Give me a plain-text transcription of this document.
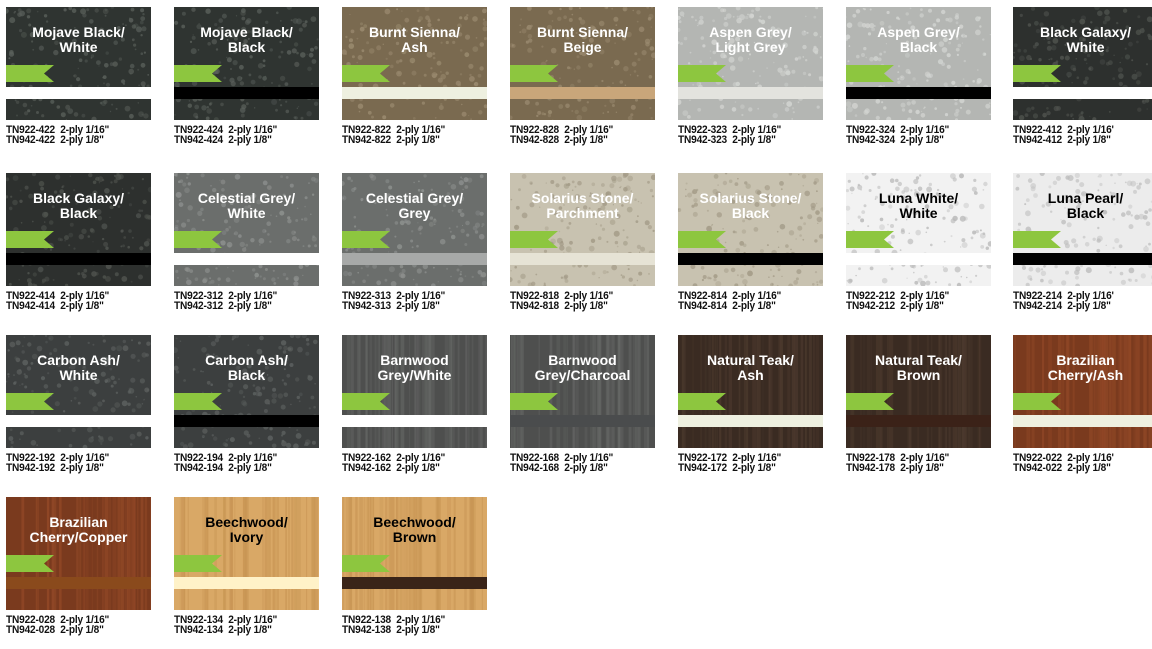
Mojave Black/
White
TN922-422  2-ply 1/16"
TN942-422  2-ply 1/8"
Mojave Black/
Black
TN922-424  2-ply 1/16"
TN942-424  2-ply 1/8"
Burnt Sienna/
Ash
TN922-822  2-ply 1/16"
TN942-822  2-ply 1/8"
Burnt Sienna/
Beige
TN922-828  2-ply 1/16"
TN942-828  2-ply 1/8"
Aspen Grey/
Light Grey
TN922-323  2-ply 1/16"
TN942-323  2-ply 1/8"
Aspen Grey/
Black
TN922-324  2-ply 1/16"
TN942-324  2-ply 1/8"
Black Galaxy/
White
TN922-412  2-ply 1/16'
TN942-412  2-ply 1/8"
Black Galaxy/
Black
TN922-414  2-ply 1/16"
TN942-414  2-ply 1/8"
Celestial Grey/
White
TN922-312  2-ply 1/16"
TN942-312  2-ply 1/8"
Celestial Grey/
Grey
TN922-313  2-ply 1/16"
TN942-313  2-ply 1/8"
Solarius Stone/
Parchment
TN922-818  2-ply 1/16"
TN942-818  2-ply 1/8"
Solarius Stone/
Black
TN922-814  2-ply 1/16"
TN942-814  2-ply 1/8"
Luna White/
White
TN922-212  2-ply 1/16"
TN942-212  2-ply 1/8"
Luna Pearl/
Black
TN922-214  2-ply 1/16'
TN942-214  2-ply 1/8"
Carbon Ash/
White
TN922-192  2-ply 1/16"
TN942-192  2-ply 1/8"
Carbon Ash/
Black
TN922-194  2-ply 1/16"
TN942-194  2-ply 1/8"
Barnwood
Grey/White
TN922-162  2-ply 1/16"
TN942-162  2-ply 1/8"
Barnwood
Grey/Charcoal
TN922-168  2-ply 1/16"
TN942-168  2-ply 1/8"
Natural Teak/
Ash
TN922-172  2-ply 1/16"
TN942-172  2-ply 1/8"
Natural Teak/
Brown
TN922-178  2-ply 1/16"
TN942-178  2-ply 1/8"
Brazilian
Cherry/Ash
TN922-022  2-ply 1/16'
TN942-022  2-ply 1/8"
Brazilian
Cherry/Copper
TN922-028  2-ply 1/16"
TN942-028  2-ply 1/8"
Beechwood/
Ivory
TN922-134  2-ply 1/16"
TN942-134  2-ply 1/8"
Beechwood/
Brown
TN922-138  2-ply 1/16"
TN942-138  2-ply 1/8"
